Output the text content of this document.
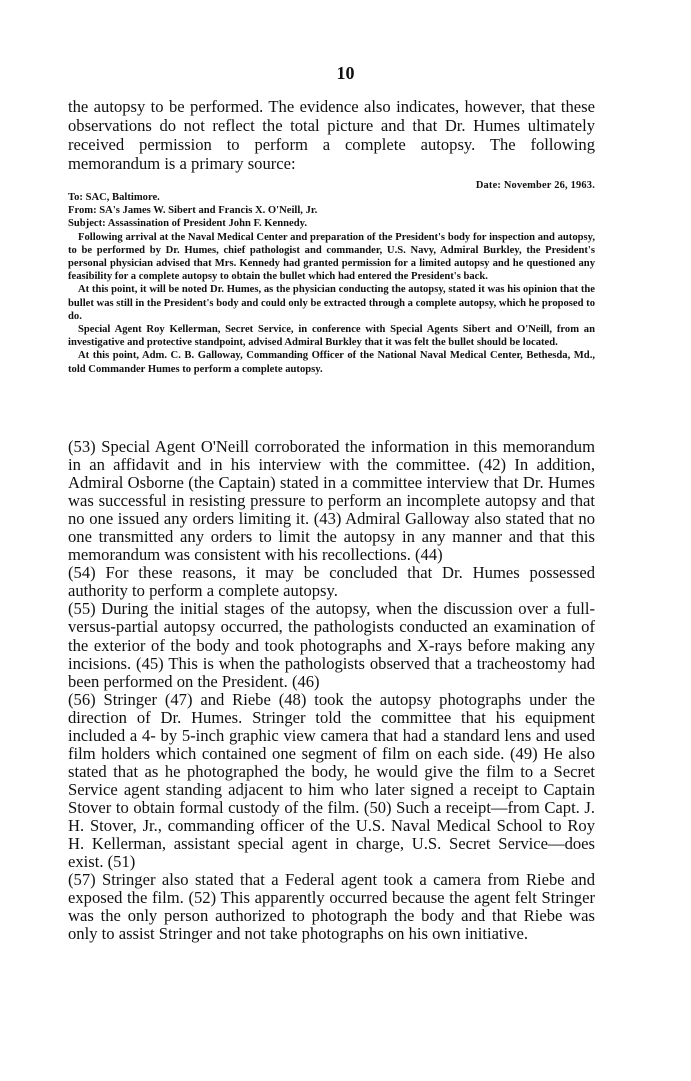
10

the autopsy to be performed. The evidence also indicates, however, that these observations do not reflect the total picture and that Dr. Humes ultimately received permission to perform a complete autopsy. The following memorandum is a primary source:

Date: November 26, 1963.

To: SAC, Baltimore.

From: SA's James W. Sibert and Francis X. O'Neill, Jr.

Subject: Assassination of President John F. Kennedy.

Following arrival at the Naval Medical Center and preparation of the President's body for inspection and autopsy, to be performed by Dr. Humes, chief pathologist and commander, U.S. Navy, Admiral Burkley, the President's personal physician advised that Mrs. Kennedy had granted permission for a limited autopsy and he questioned any feasibility for a complete autopsy to obtain the bullet which had entered the President's back.

At this point, it will be noted Dr. Humes, as the physician conducting the autopsy, stated it was his opinion that the bullet was still in the President's body and could only be extracted through a complete autopsy, which he proposed to do.

Special Agent Roy Kellerman, Secret Service, in conference with Special Agents Sibert and O'Neill, from an investigative and protective standpoint, advised Admiral Burkley that it was felt the bullet should be located.

At this point, Adm. C. B. Galloway, Commanding Officer of the National Naval Medical Center, Bethesda, Md., told Commander Humes to perform a complete autopsy.

(53) Special Agent O'Neill corroborated the information in this memorandum in an affidavit and in his interview with the committee. (42) In addition, Admiral Osborne (the Captain) stated in a committee interview that Dr. Humes was successful in resisting pressure to perform an incomplete autopsy and that no one issued any orders limiting it. (43) Admiral Galloway also stated that no one transmitted any orders to limit the autopsy in any manner and that this memorandum was consistent with his recollections. (44)

(54) For these reasons, it may be concluded that Dr. Humes possessed authority to perform a complete autopsy.

(55) During the initial stages of the autopsy, when the discussion over a full-versus-partial autopsy occurred, the pathologists conducted an examination of the exterior of the body and took photographs and X-rays before making any incisions. (45) This is when the pathologists observed that a tracheostomy had been performed on the President. (46)

(56) Stringer (47) and Riebe (48) took the autopsy photographs under the direction of Dr. Humes. Stringer told the committee that his equipment included a 4- by 5-inch graphic view camera that had a standard lens and used film holders which contained one segment of film on each side. (49) He also stated that as he photographed the body, he would give the film to a Secret Service agent standing adjacent to him who later signed a receipt to Captain Stover to obtain formal custody of the film. (50) Such a receipt—from Capt. J. H. Stover, Jr., commanding officer of the U.S. Naval Medical School to Roy H. Kellerman, assistant special agent in charge, U.S. Secret Service—does exist. (51)

(57) Stringer also stated that a Federal agent took a camera from Riebe and exposed the film. (52) This apparently occurred because the agent felt Stringer was the only person authorized to photograph the body and that Riebe was only to assist Stringer and not take photographs on his own initiative.
